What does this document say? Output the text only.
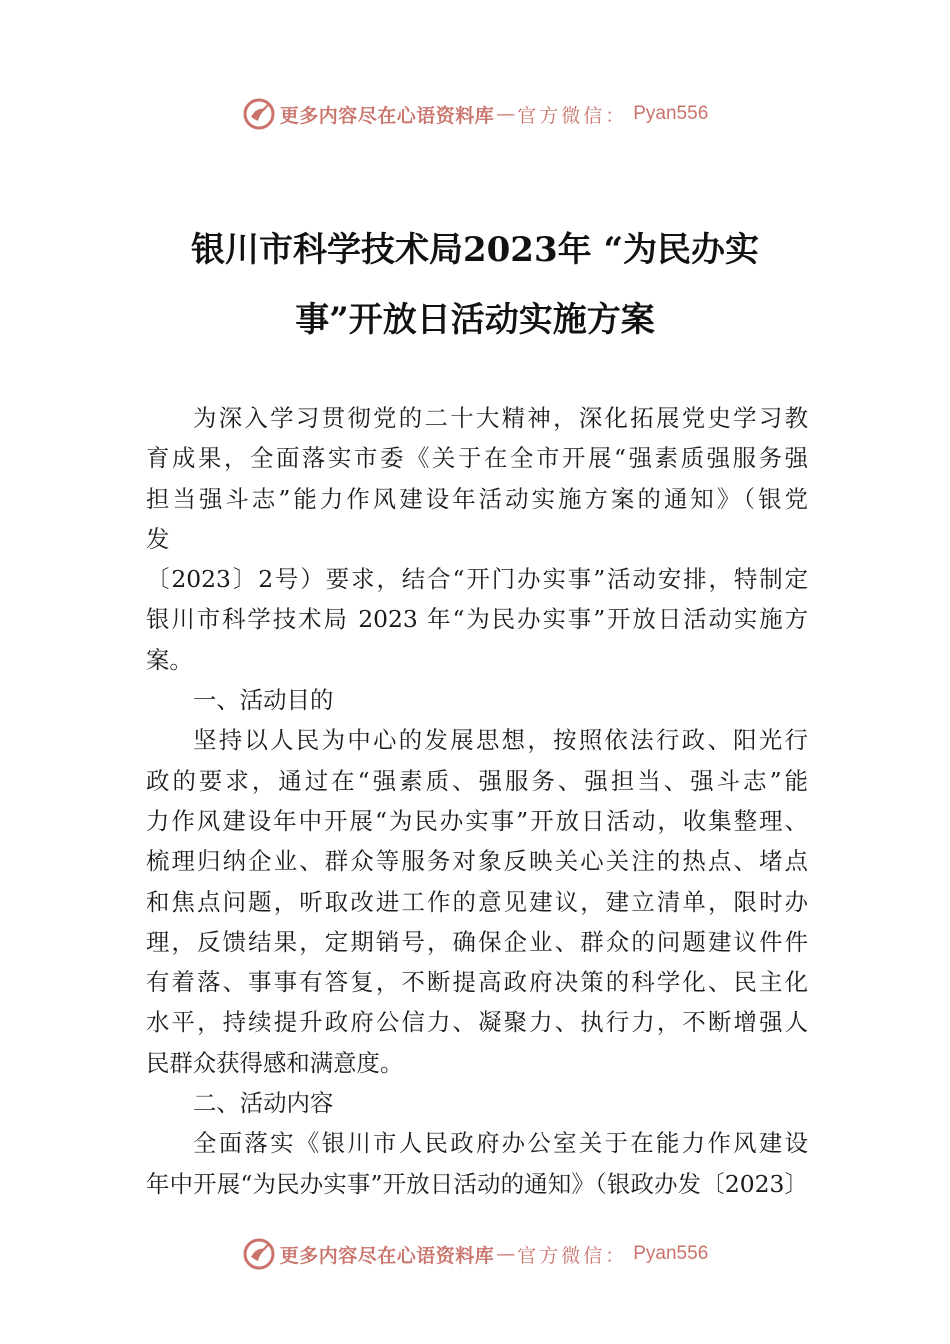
更多内容尽在心语资料库 — 官方微信： Pyan556
银川市科学技术局2023年 “为民办实
事”开放日活动实施方案
为深入学习贯彻党的二十大精神，深化拓展党史学习教
育成果，全面落实市委《关于在全市开展“强素质强服务强
担当强斗志”能力作风建设年活动实施方案的通知》（银党
发
〔2023〕2号）要求，结合“开门办实事”活动安排，特制定
银川市科学技术局 2023 年“为民办实事”开放日活动实施方
案。
一、活动目的
坚持以人民为中心的发展思想，按照依法行政、阳光行
政的要求，通过在“强素质、强服务、强担当、强斗志”能
力作风建设年中开展“为民办实事”开放日活动，收集整理、
梳理归纳企业、群众等服务对象反映关心关注的热点、堵点
和焦点问题，听取改进工作的意见建议，建立清单，限时办
理，反馈结果，定期销号，确保企业、群众的问题建议件件
有着落、事事有答复，不断提高政府决策的科学化、民主化
水平，持续提升政府公信力、凝聚力、执行力，不断增强人
民群众获得感和满意度。
二、活动内容
全面落实《银川市人民政府办公室关于在能力作风建设
年中开展“为民办实事”开放日活动的通知》（银政办发〔2023〕
更多内容尽在心语资料库 — 官方微信： Pyan556
